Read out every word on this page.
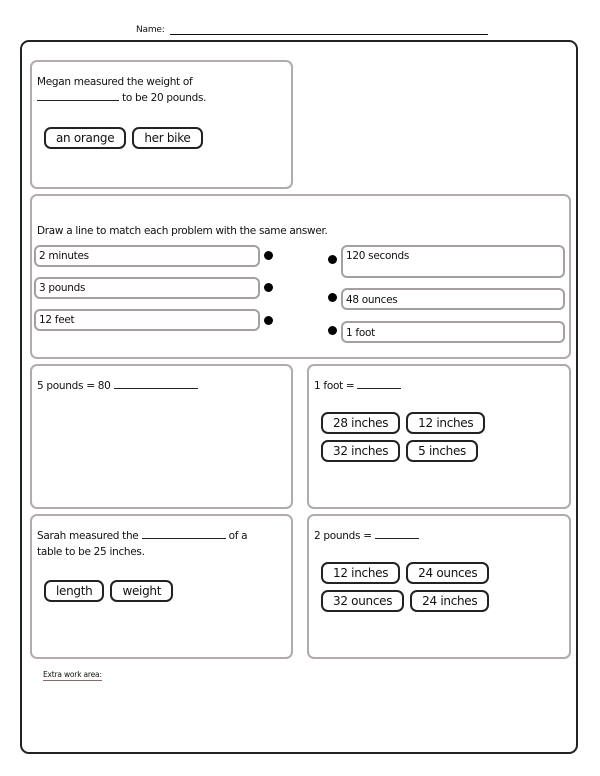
Name:
Megan measured the weight of
to be 20 pounds.
an orange	her bike
Draw a line to match each problem with the same answer.
2 minutes
3 pounds
12 feet
120 seconds
48 ounces
1 foot
5 pounds = 80	1 foot =
28 inches	12 inches
32 inches	5 inches
Sarah measured the	of a
table to be 25 inches.
length	weight
2 pounds =
12 inches	24 ounces
32 ounces	24 inches
Extra work area:
